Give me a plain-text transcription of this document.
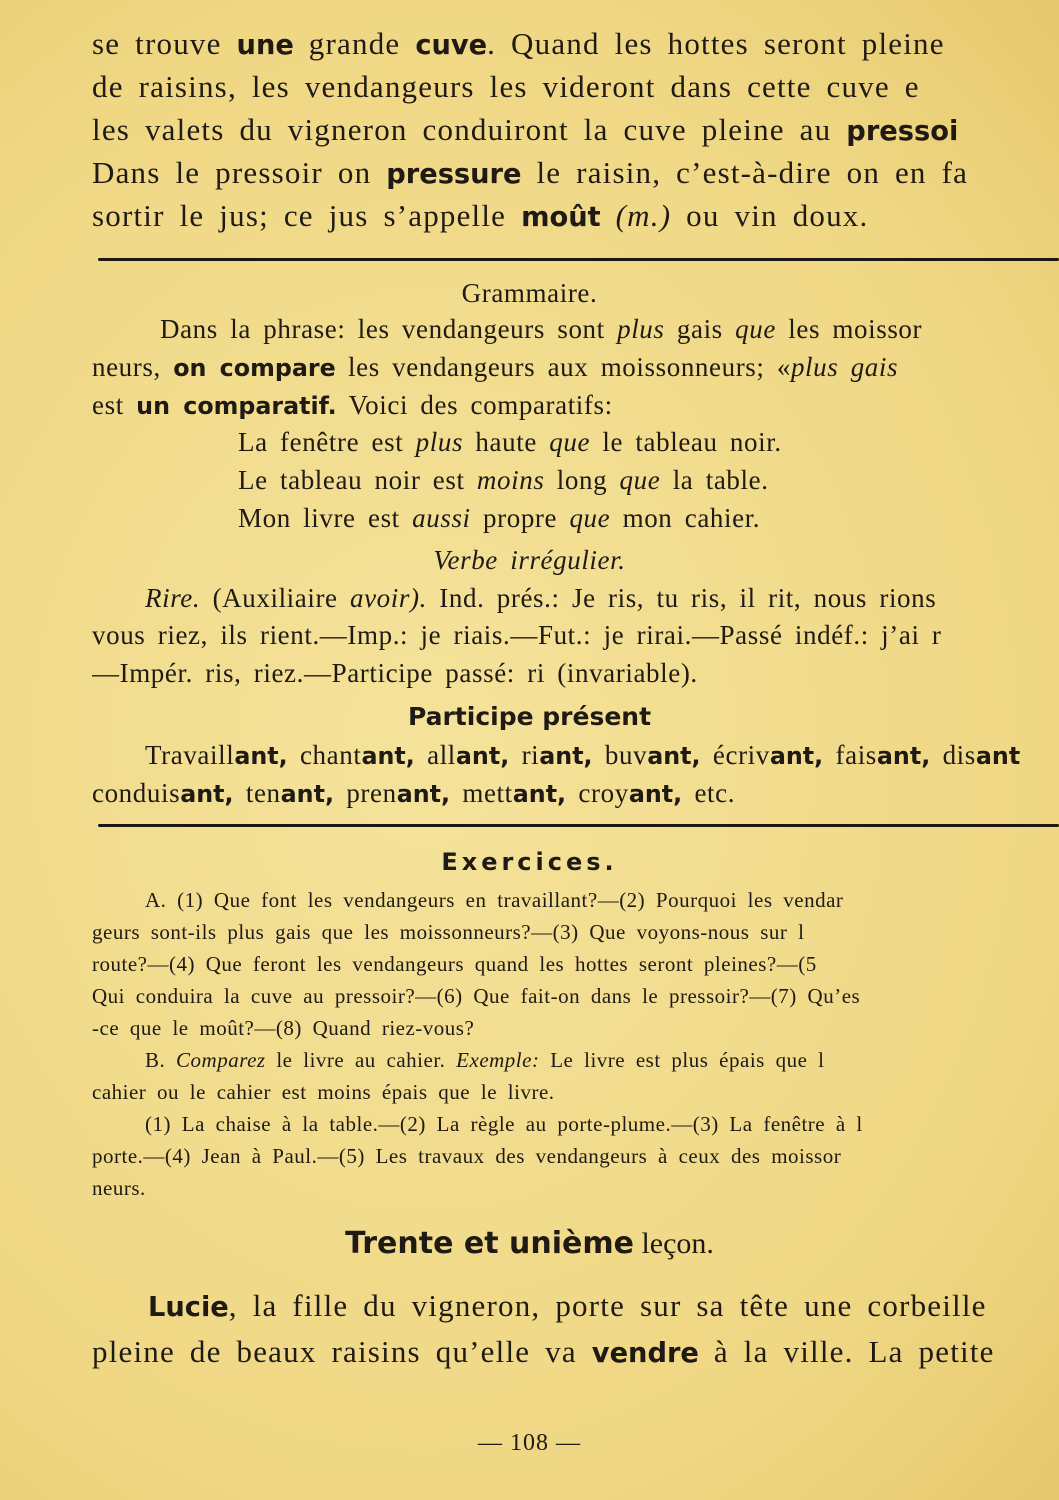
se trouve une grande cuve. Quand les hottes seront pleine
de raisins, les vendangeurs les videront dans cette cuve e
les valets du vigneron conduiront la cuve pleine au pressoi
Dans le pressoir on pressure le raisin, c’est-à-dire on en fa
sortir le jus; ce jus s’appelle moût (m.) ou vin doux.
Grammaire.
Dans la phrase: les vendangeurs sont plus gais que les moissor
neurs, on compare les vendangeurs aux moissonneurs; «plus gais
est un comparatif. Voici des comparatifs:
La fenêtre est plus haute que le tableau noir.
Le tableau noir est moins long que la table.
Mon livre est aussi propre que mon cahier.
Verbe irrégulier.
Rire. (Auxiliaire avoir). Ind. prés.: Je ris, tu ris, il rit, nous rions
vous riez, ils rient.—Imp.: je riais.—Fut.: je rirai.—Passé indéf.: j’ai r
—Impér. ris, riez.—Participe passé: ri (invariable).
Participe présent
Travaillant, chantant, allant, riant, buvant, écrivant, faisant, disant
conduisant, tenant, prenant, mettant, croyant, etc.
Exercices.
A. (1) Que font les vendangeurs en travaillant?—(2) Pourquoi les vendar
geurs sont-ils plus gais que les moissonneurs?—(3) Que voyons-nous sur l
route?—(4) Que feront les vendangeurs quand les hottes seront pleines?—(5
Qui conduira la cuve au pressoir?—(6) Que fait-on dans le pressoir?—(7) Qu’es
-ce que le moût?—(8) Quand riez-vous?
B. Comparez le livre au cahier. Exemple: Le livre est plus épais que l
cahier ou le cahier est moins épais que le livre.
(1) La chaise à la table.—(2) La règle au porte-plume.—(3) La fenêtre à l
porte.—(4) Jean à Paul.—(5) Les travaux des vendangeurs à ceux des moissor
neurs.
Trente et unième leçon.
Lucie, la fille du vigneron, porte sur sa tête une corbeille
pleine de beaux raisins qu’elle va vendre à la ville. La petite
— 108 —
